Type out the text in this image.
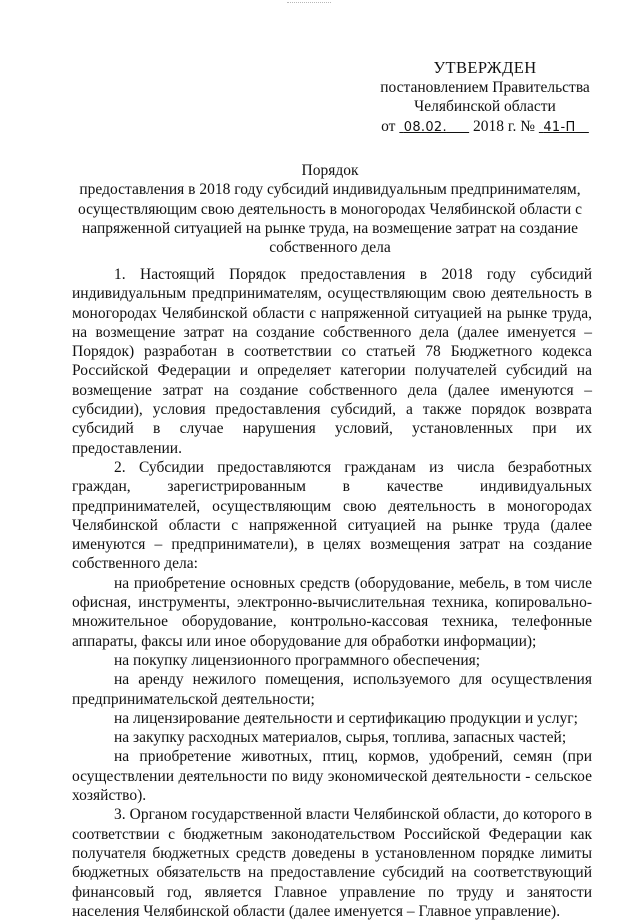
УТВЕРЖДЕН
постановлением Правительства
Челябинской области
от 08.02. 2018 г. № 41-П
Порядок
предоставления в 2018 году субсидий индивидуальным предпринимателям, осуществляющим свою деятельность в моногородах Челябинской области с напряженной ситуацией на рынке труда, на возмещение затрат на создание собственного дела

1. Настоящий Порядок предоставления в 2018 году субсидий индивидуальным предпринимателям, осуществляющим свою деятельность в моногородах Челябинской области с напряженной ситуацией на рынке труда, на возмещение затрат на создание собственного дела (далее именуется – Порядок) разработан в соответствии со статьей 78 Бюджетного кодекса Российской Федерации и определяет категории получателей субсидий на возмещение затрат на создание собственного дела (далее именуются – субсидии), условия предоставления субсидий, а также порядок возврата субсидий в случае нарушения условий, установленных при их предоставлении.

2. Субсидии предоставляются гражданам из числа безработных граждан, зарегистрированным в качестве индивидуальных предпринимателей, осуществляющим свою деятельность в моногородах Челябинской области с напряженной ситуацией на рынке труда (далее именуются – предприниматели), в целях возмещения затрат на создание собственного дела:

на приобретение основных средств (оборудование, мебель, в том числе офисная, инструменты, электронно-вычислительная техника, копировально-множительное оборудование, контрольно-кассовая техника, телефонные аппараты, факсы или иное оборудование для обработки информации);

на покупку лицензионного программного обеспечения;

на аренду нежилого помещения, используемого для осуществления предпринимательской деятельности;

на лицензирование деятельности и сертификацию продукции и услуг;

на закупку расходных материалов, сырья, топлива, запасных частей;

на приобретение животных, птиц, кормов, удобрений, семян (при осуществлении деятельности по виду экономической деятельности - сельское хозяйство).

3. Органом государственной власти Челябинской области, до которого в соответствии с бюджетным законодательством Российской Федерации как получателя бюджетных средств доведены в установленном порядке лимиты бюджетных обязательств на предоставление субсидий на соответствующий финансовый год, является Главное управление по труду и занятости населения Челябинской области (далее именуется – Главное управление).
